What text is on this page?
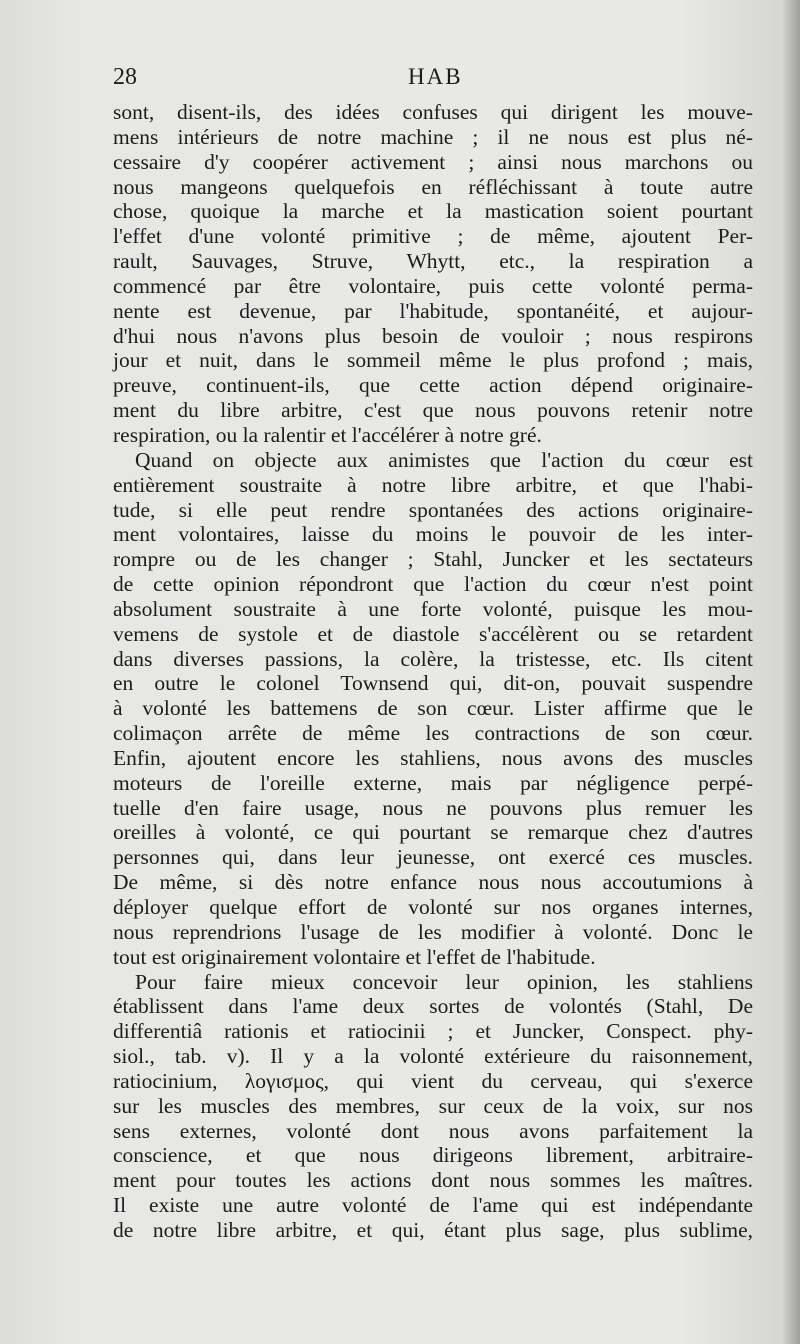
28	HAB
sont, disent-ils, des idées confuses qui dirigent les mouve-
mens intérieurs de notre machine ; il ne nous est plus né-
cessaire d'y coopérer activement ; ainsi nous marchons ou
nous mangeons quelquefois en réfléchissant à toute autre
chose, quoique la marche et la mastication soient pourtant
l'effet d'une volonté primitive ; de même, ajoutent Per-
rault, Sauvages, Struve, Whytt, etc., la respiration a
commencé par être volontaire, puis cette volonté perma-
nente est devenue, par l'habitude, spontanéité, et aujour-
d'hui nous n'avons plus besoin de vouloir ; nous respirons
jour et nuit, dans le sommeil même le plus profond ; mais,
preuve, continuent-ils, que cette action dépend originaire-
ment du libre arbitre, c'est que nous pouvons retenir notre
respiration, ou la ralentir et l'accélérer à notre gré.
Quand on objecte aux animistes que l'action du cœur est
entièrement soustraite à notre libre arbitre, et que l'habi-
tude, si elle peut rendre spontanées des actions originaire-
ment volontaires, laisse du moins le pouvoir de les inter-
rompre ou de les changer ; Stahl, Juncker et les sectateurs
de cette opinion répondront que l'action du cœur n'est point
absolument soustraite à une forte volonté, puisque les mou-
vemens de systole et de diastole s'accélèrent ou se retardent
dans diverses passions, la colère, la tristesse, etc. Ils citent
en outre le colonel Townsend qui, dit-on, pouvait suspendre
à volonté les battemens de son cœur. Lister affirme que le
colimaçon arrête de même les contractions de son cœur.
Enfin, ajoutent encore les stahliens, nous avons des muscles
moteurs de l'oreille externe, mais par négligence perpé-
tuelle d'en faire usage, nous ne pouvons plus remuer les
oreilles à volonté, ce qui pourtant se remarque chez d'autres
personnes qui, dans leur jeunesse, ont exercé ces muscles.
De même, si dès notre enfance nous nous accoutumions à
déployer quelque effort de volonté sur nos organes internes,
nous reprendrions l'usage de les modifier à volonté. Donc le
tout est originairement volontaire et l'effet de l'habitude.
Pour faire mieux concevoir leur opinion, les stahliens
établissent dans l'ame deux sortes de volontés (Stahl, De
differentiâ rationis et ratiocinii ; et Juncker, Conspect. phy-
siol., tab. v). Il y a la volonté extérieure du raisonnement,
ratiocinium, λογισμος, qui vient du cerveau, qui s'exerce
sur les muscles des membres, sur ceux de la voix, sur nos
sens externes, volonté dont nous avons parfaitement la
conscience, et que nous dirigeons librement, arbitraire-
ment pour toutes les actions dont nous sommes les maîtres.
Il existe une autre volonté de l'ame qui est indépendante
de notre libre arbitre, et qui, étant plus sage, plus sublime,
